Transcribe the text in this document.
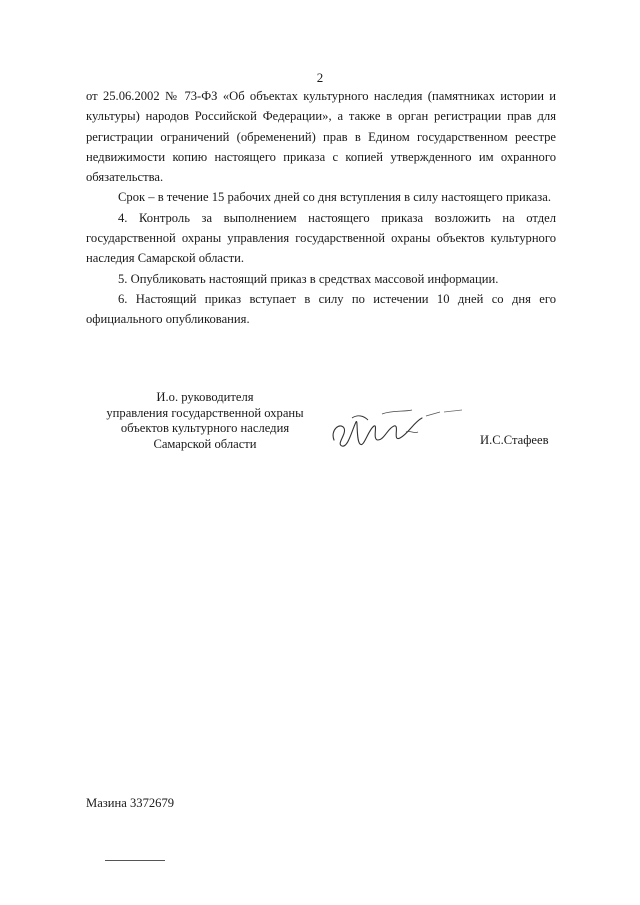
2

от 25.06.2002 № 73-ФЗ «Об объектах культурного наследия (памятниках истории и культуры) народов Российской Федерации», а также в орган регистрации прав для регистрации ограничений (обременений) прав в Едином государственном реестре недвижимости копию настоящего приказа с копией утвержденного им охранного обязательства.

Срок – в течение 15 рабочих дней со дня вступления в силу настоящего приказа.

4. Контроль за выполнением настоящего приказа возложить на отдел государственной охраны управления государственной охраны объектов культурного наследия Самарской области.

5. Опубликовать настоящий приказ в средствах массовой информации.

6. Настоящий приказ вступает в силу по истечении 10 дней со дня его официального опубликования.

И.о. руководителя
управления государственной охраны
объектов культурного наследия
Самарской области	И.С.Стафеев
Мазина 3372679
